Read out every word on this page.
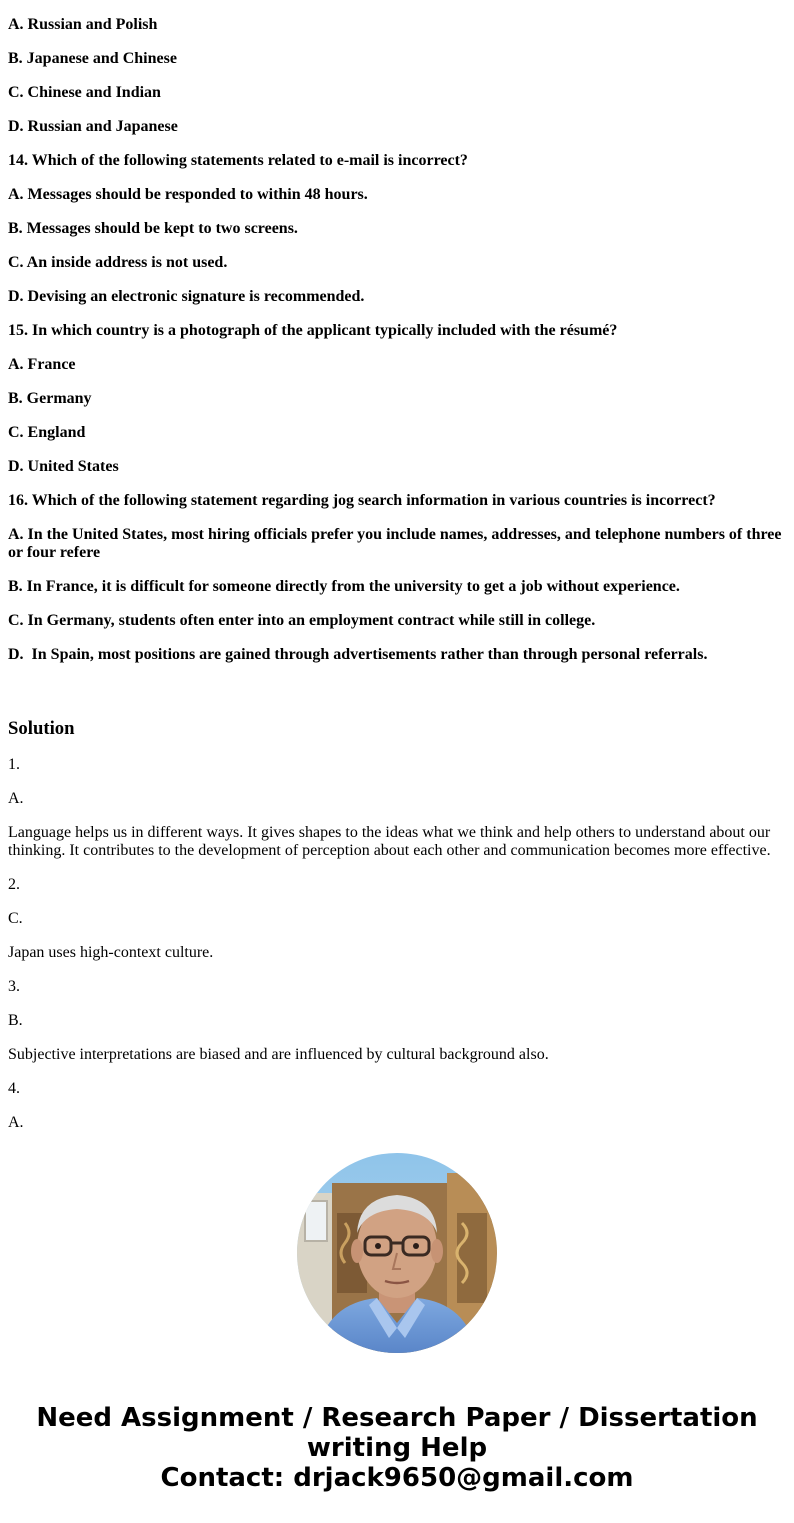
A. Russian and Polish

B. Japanese and Chinese

C. Chinese and Indian

D. Russian and Japanese

14. Which of the following statements related to e-mail is incorrect?

A. Messages should be responded to within 48 hours.

B. Messages should be kept to two screens.

C. An inside address is not used.

D. Devising an electronic signature is recommended.

15. In which country is a photograph of the applicant typically included with the résumé?

A. France

B. Germany

C. England

D. United States

16. Which of the following statement regarding jog search information in various countries is incorrect?

A. In the United States, most hiring officials prefer you include names, addresses, and telephone numbers of three or four refere

B. In France, it is difficult for someone directly from the university to get a job without experience.

C. In Germany, students often enter into an employment contract while still in college.

D.  In Spain, most positions are gained through advertisements rather than through personal referrals.

Solution

1.

A.

Language helps us in different ways. It gives shapes to the ideas what we think and help others to understand about our thinking. It contributes to the development of perception about each other and communication becomes more effective.

2.

C.

Japan uses high-context culture.

3.

B.

Subjective interpretations are biased and are influenced by cultural background also.

4.

A.

Need Assignment / Research Paper / Dissertation
writing Help
Contact: drjack9650@gmail.com
